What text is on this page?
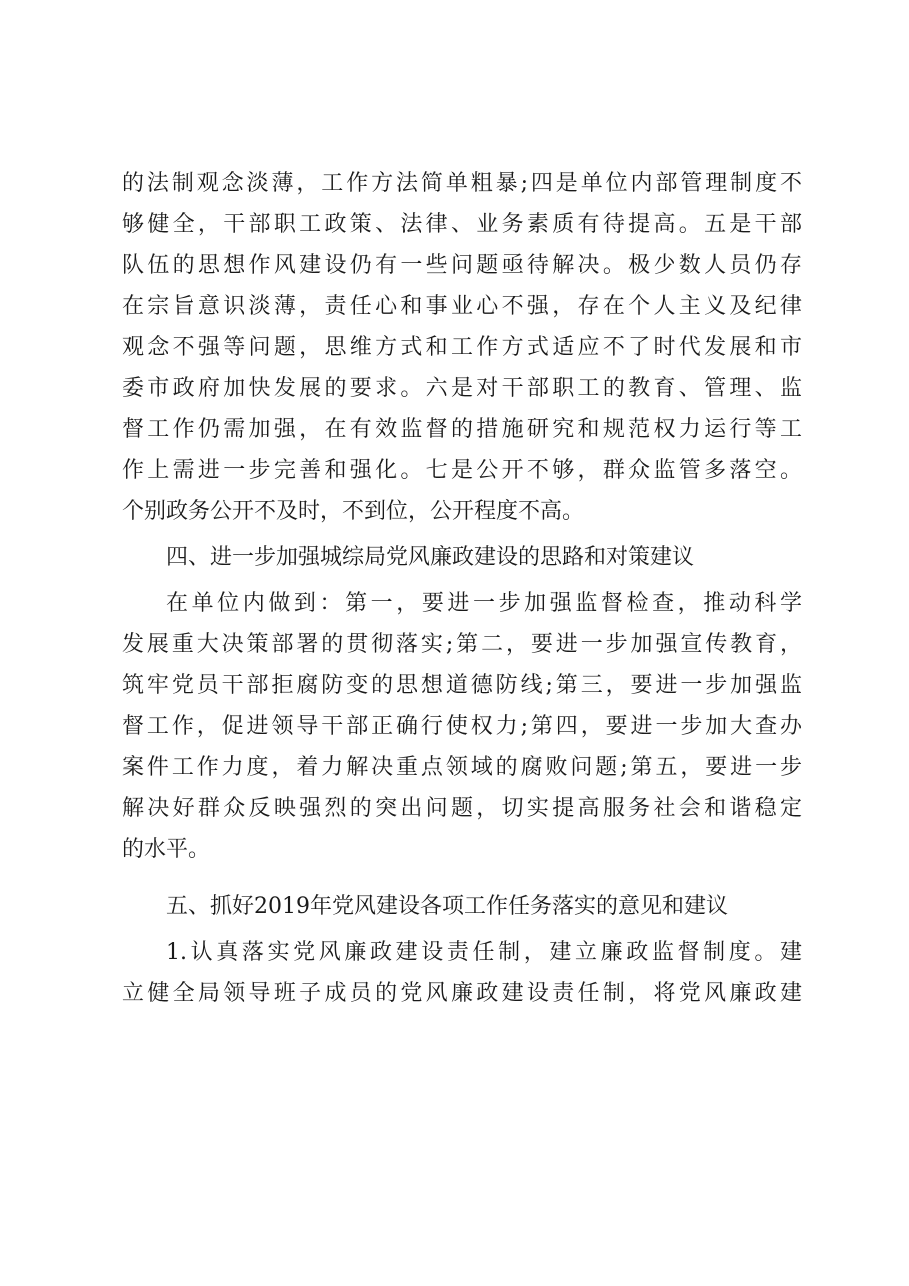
的法制观念淡薄，工作方法简单粗暴;四是单位内部管理制度不
够健全，干部职工政策、法律、业务素质有待提高。五是干部
队伍的思想作风建设仍有一些问题亟待解决。极少数人员仍存
在宗旨意识淡薄，责任心和事业心不强，存在个人主义及纪律
观念不强等问题，思维方式和工作方式适应不了时代发展和市
委市政府加快发展的要求。六是对干部职工的教育、管理、监
督工作仍需加强，在有效监督的措施研究和规范权力运行等工
作上需进一步完善和强化。七是公开不够，群众监管多落空。
个别政务公开不及时，不到位，公开程度不高。
四、进一步加强城综局党风廉政建设的思路和对策建议
在单位内做到：第一，要进一步加强监督检查，推动科学
发展重大决策部署的贯彻落实;第二，要进一步加强宣传教育，
筑牢党员干部拒腐防变的思想道德防线;第三，要进一步加强监
督工作，促进领导干部正确行使权力;第四，要进一步加大查办
案件工作力度，着力解决重点领域的腐败问题;第五，要进一步
解决好群众反映强烈的突出问题，切实提高服务社会和谐稳定
的水平。
五、抓好2019年党风建设各项工作任务落实的意见和建议
1.认真落实党风廉政建设责任制，建立廉政监督制度。建
立健全局领导班子成员的党风廉政建设责任制，将党风廉政建
